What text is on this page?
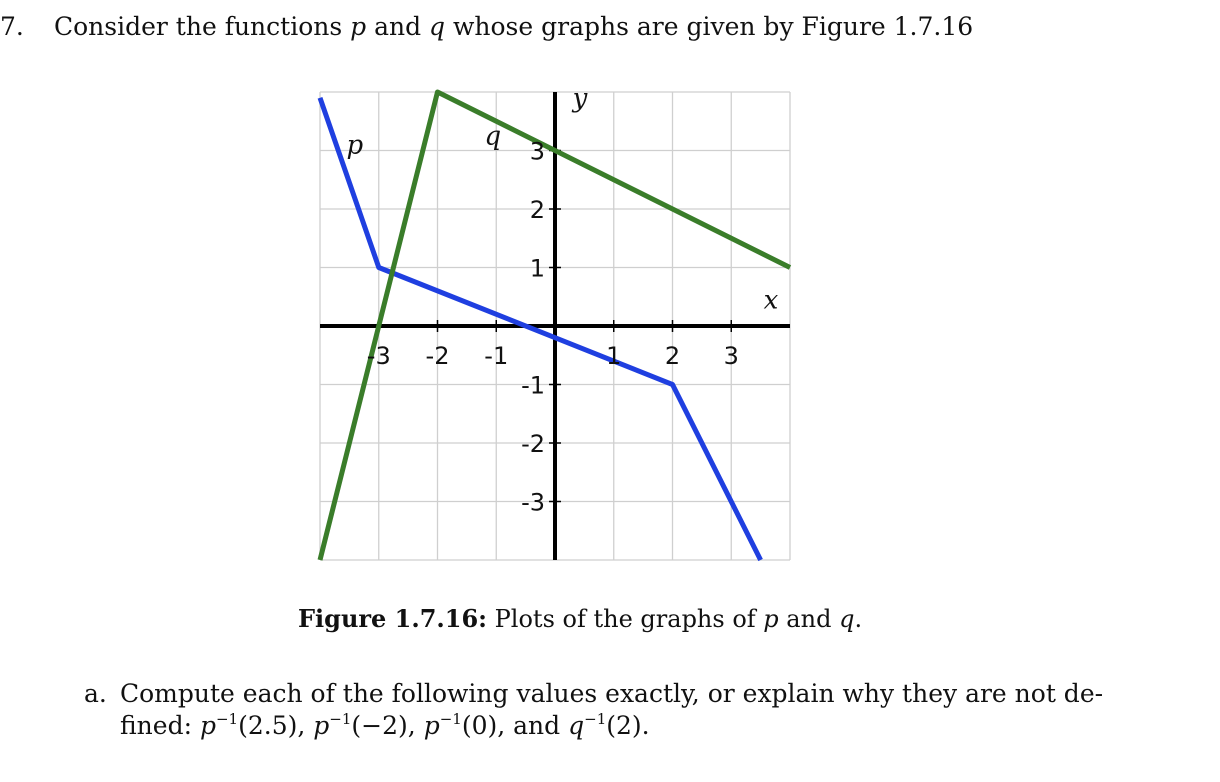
7. Consider the functions p and q whose graphs are given by Figure 1.7.16
-3 -2 -1	1 2 3
3
2
1
-1
-2
-3
x
y
p	q
Figure 1.7.16: Plots of the graphs of p and q.
a. Compute each of the following values exactly, or explain why they are not de-
fined: $p^{-1}(2.5)$, $p^{-1}(-2)$, $p^{-1}(0)$, and $q^{-1}(2)$.
